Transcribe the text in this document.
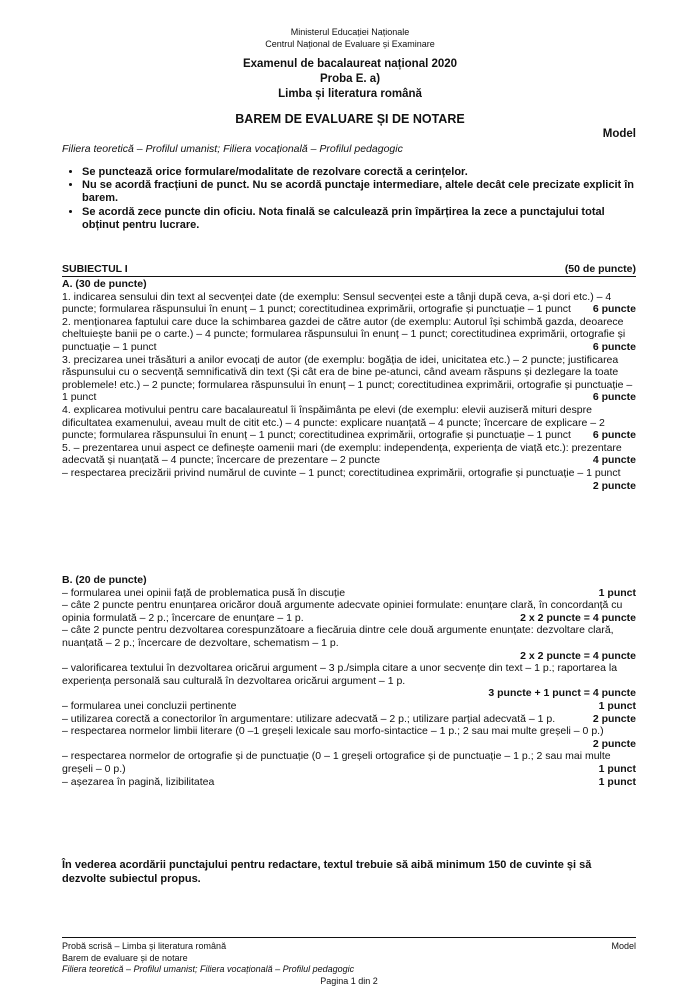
Ministerul Educației Naționale
Centrul Național de Evaluare și Examinare
Examenul de bacalaureat național 2020
Proba E. a)
Limba și literatura română
BAREM DE EVALUARE ȘI DE NOTARE
Model
Filiera teoretică – Profilul umanist; Filiera vocațională – Profilul pedagogic
• Se punctează orice formulare/modalitate de rezolvare corectă a cerințelor.
• Nu se acordă fracțiuni de punct. Nu se acordă punctaje intermediare, altele decât cele precizate explicit în barem.
• Se acordă zece puncte din oficiu. Nota finală se calculează prin împărțirea la zece a punctajului total obținut pentru lucrare.
SUBIECTUL I	(50 de puncte)
A. (30 de puncte)

1. indicarea sensului din text al secvenței date (de exemplu: Sensul secvenței este a tânji după ceva, a-și dori etc.) – 4 puncte; formularea răspunsului în enunț – 1 punct; corectitudinea exprimării, ortografie și punctuație – 1 punct	6 puncte

2. menționarea faptului care duce la schimbarea gazdei de către autor (de exemplu: Autorul își schimbă gazda, deoarece cheltuiește banii pe o carte.) – 4 puncte; formularea răspunsului în enunț – 1 punct; corectitudinea exprimării, ortografie și punctuație – 1 punct	6 puncte

3. precizarea unei trăsături a anilor evocați de autor (de exemplu: bogăția de idei, unicitatea etc.) – 2 puncte; justificarea răspunsului cu o secvență semnificativă din text (Și cât era de bine pe-atunci, când aveam răspuns și dezlegare la toate problemele! etc.) – 2 puncte; formularea răspunsului în enunț – 1 punct; corectitudinea exprimării, ortografie și punctuație – 1 punct	6 puncte

4. explicarea motivului pentru care bacalaureatul îi înspăimânta pe elevi (de exemplu: elevii auziseră mituri despre dificultatea examenului, aveau mult de citit etc.) – 4 puncte: explicare nuanțată – 4 puncte; încercare de explicare – 2 puncte; formularea răspunsului în enunț – 1 punct; corectitudinea exprimării, ortografie și punctuație – 1 punct	6 puncte

5. – prezentarea unui aspect ce definește oamenii mari (de exemplu: independența, experiența de viață etc.): prezentare adecvată și nuanțată – 4 puncte; încercare de prezentare – 2 puncte	4 puncte

– respectarea precizării privind numărul de cuvinte – 1 punct; corectitudinea exprimării, ortografie și punctuație – 1 punct

2 puncte
B. (20 de puncte)

– formularea unei opinii față de problematica pusă în discuție	1 punct

– câte 2 puncte pentru enunțarea oricăror două argumente adecvate opiniei formulate: enunțare clară, în concordanță cu opinia formulată – 2 p.; încercare de enunțare – 1 p.	2 x 2 puncte = 4 puncte

– câte 2 puncte pentru dezvoltarea corespunzătoare a fiecăruia dintre cele două argumente enunțate: dezvoltare clară, nuanțată – 2 p.; încercare de dezvoltare, schematism – 1 p.

2 x 2 puncte = 4 puncte

– valorificarea textului în dezvoltarea oricărui argument – 3 p./simpla citare a unor secvențe din text – 1 p.; raportarea la experiența personală sau culturală în dezvoltarea oricărui argument – 1 p.

3 puncte + 1 punct = 4 puncte

– formularea unei concluzii pertinente	1 punct

– utilizarea corectă a conectorilor în argumentare: utilizare adecvată – 2 p.; utilizare parțial adecvată – 1 p.	2 puncte

– respectarea normelor limbii literare (0 –1 greșeli lexicale sau morfo-sintactice – 1 p.; 2 sau mai multe greșeli – 0 p.)

2 puncte

– respectarea normelor de ortografie și de punctuație (0 – 1 greșeli ortografice și de punctuație – 1 p.; 2 sau mai multe greșeli – 0 p.)	1 punct

– așezarea în pagină, lizibilitatea	1 punct
În vederea acordării punctajului pentru redactare, textul trebuie să aibă minimum 150 de cuvinte și să dezvolte subiectul propus.
Probă scrisă – Limba și literatura română
Barem de evaluare și de notare
Filiera teoretică – Profilul umanist; Filiera vocațională – Profilul pedagogic
Pagina 1 din 2
Model
